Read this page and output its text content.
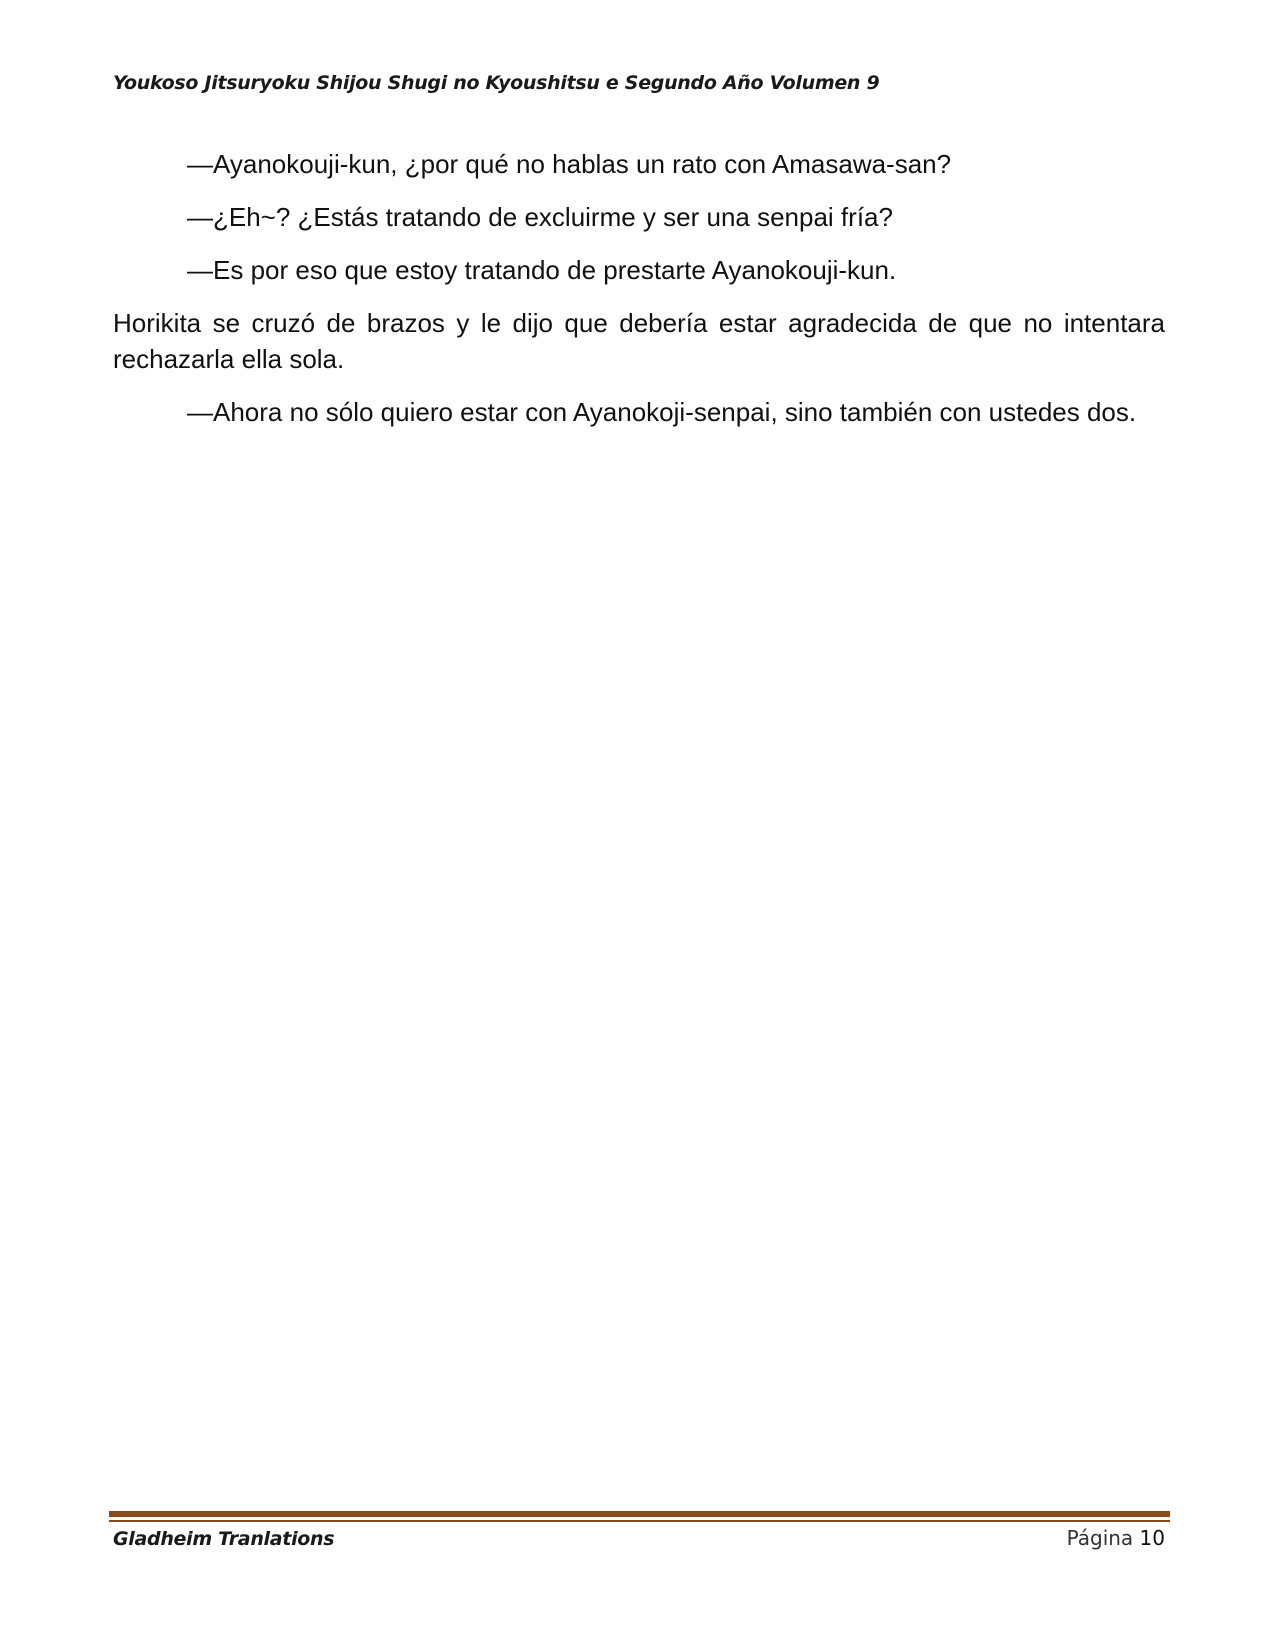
Youkoso Jitsuryoku Shijou Shugi no Kyoushitsu e Segundo Año Volumen 9

—Ayanokouji-kun, ¿por qué no hablas un rato con Amasawa-san?

—¿Eh~? ¿Estás tratando de excluirme y ser una senpai fría?

—Es por eso que estoy tratando de prestarte Ayanokouji-kun.

Horikita se cruzó de brazos y le dijo que debería estar agradecida de que no intentara rechazarla ella sola.

—Ahora no sólo quiero estar con Ayanokoji-senpai, sino también con ustedes dos.

Gladheim Tranlations	Página 10
